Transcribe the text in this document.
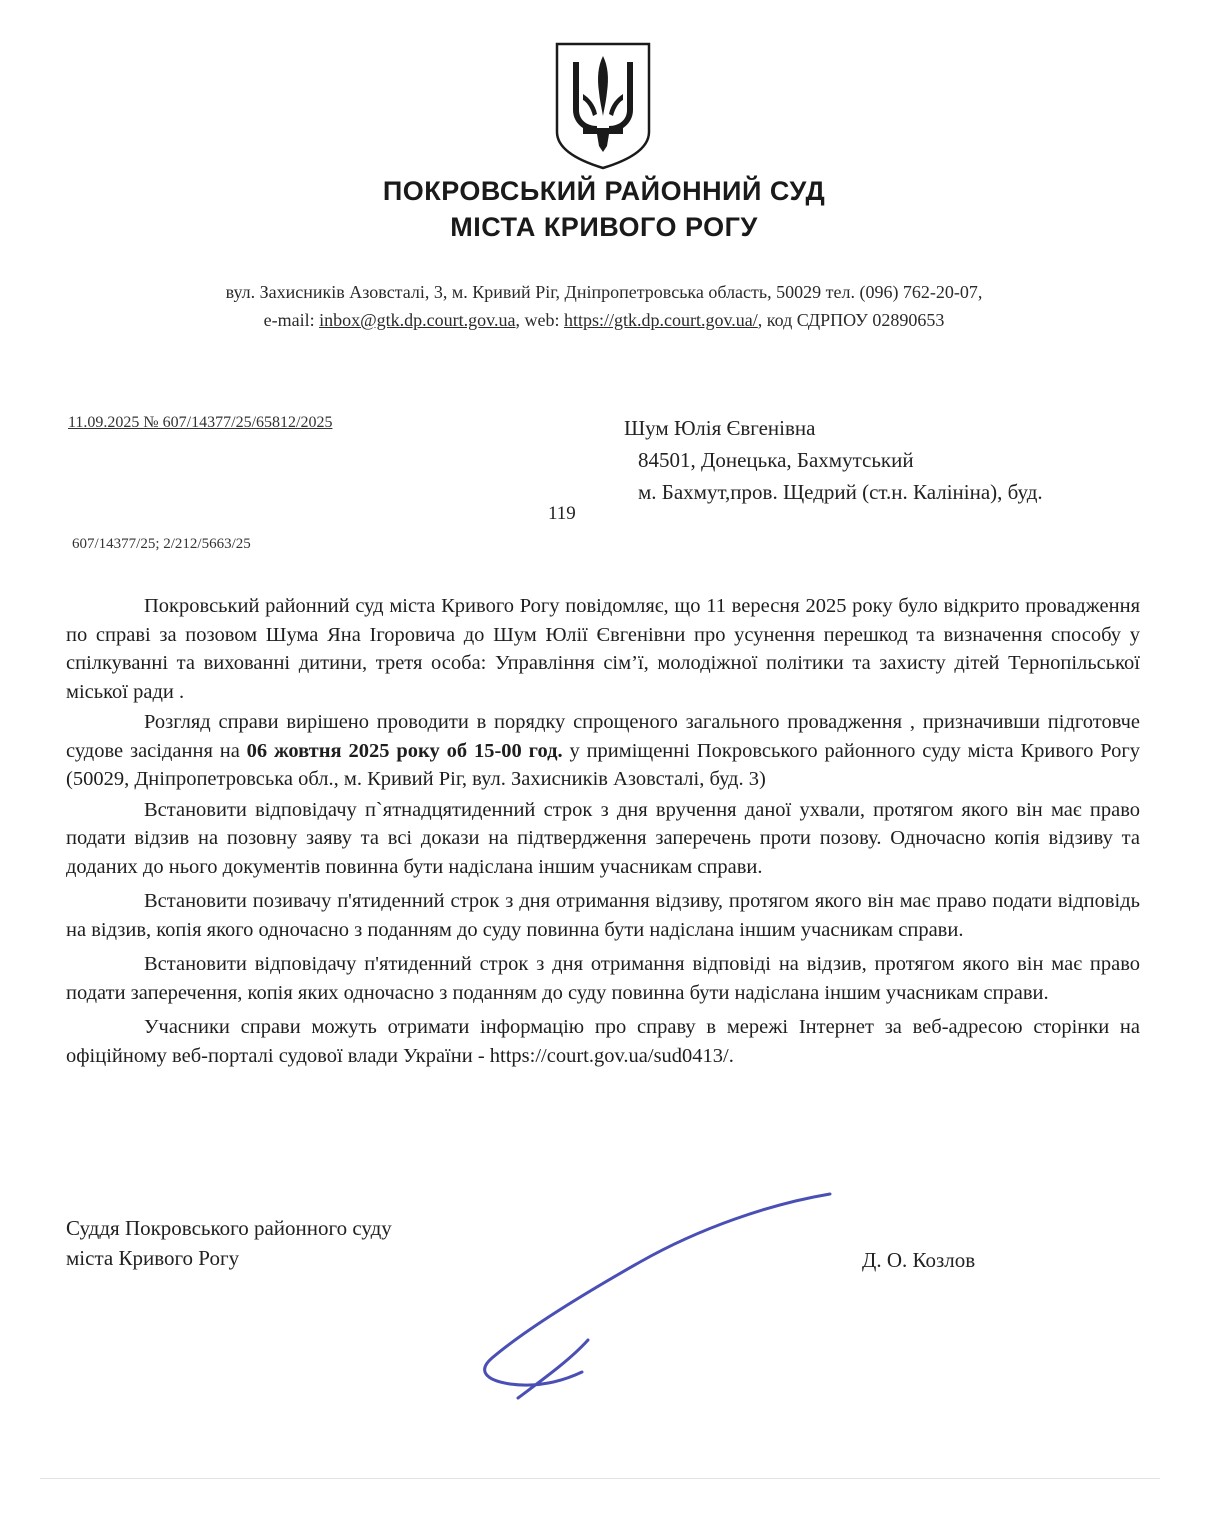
ПОКРОВСЬКИЙ РАЙОННИЙ СУД
МІСТА КРИВОГО РОГУ
вул. Захисників Азовсталі, 3, м. Кривий Ріг, Дніпропетровська область, 50029 тел. (096) 762-20-07,
e-mail: inbox@gtk.dp.court.gov.ua, web: https://gtk.dp.court.gov.ua/, код СДРПОУ 02890653
11.09.2025 № 607/14377/25/65812/2025
119
607/14377/25; 2/212/5663/25
Шум Юлія Євгенівна
84501, Донецька, Бахмутський
м. Бахмут,пров. Щедрий (ст.н. Калініна), буд.

Покровський районний суд міста Кривого Рогу повідомляє, що 11 вересня 2025 року було відкрито провадження по справі за позовом Шума Яна Ігоровича до Шум Юлії Євгенівни про усунення перешкод та визначення способу у спілкуванні та вихованні дитини, третя особа: Управління сім’ї, молодіжної політики та захисту дітей Тернопільської міської ради .

Розгляд справи вирішено проводити в порядку спрощеного загального провадження , призначивши підготовче судове засідання на 06 жовтня 2025 року об 15-00 год. у приміщенні Покровського районного суду міста Кривого Рогу (50029, Дніпропетровська обл., м. Кривий Ріг, вул. Захисників Азовсталі, буд. 3)

Встановити відповідачу п`ятнадцятиденний строк з дня вручення даної ухвали, протягом якого він має право подати відзив на позовну заяву та всі докази на підтвердження заперечень проти позову. Одночасно копія відзиву та доданих до нього документів повинна бути надіслана іншим учасникам справи.

Встановити позивачу п'ятиденний строк з дня отримання відзиву, протягом якого він має право подати відповідь на відзив, копія якого одночасно з поданням до суду повинна бути надіслана іншим учасникам справи.

Встановити відповідачу п'ятиденний строк з дня отримання відповіді на відзив, протягом якого він має право подати заперечення, копія яких одночасно з поданням до суду повинна бути надіслана іншим учасникам справи.

Учасники справи можуть отримати інформацію про справу в мережі Інтернет за веб-адресою сторінки на офіційному веб-порталі судової влади України - https://court.gov.ua/sud0413/.

Суддя Покровського районного суду
міста Кривого Рогу	Д. О. Козлов
